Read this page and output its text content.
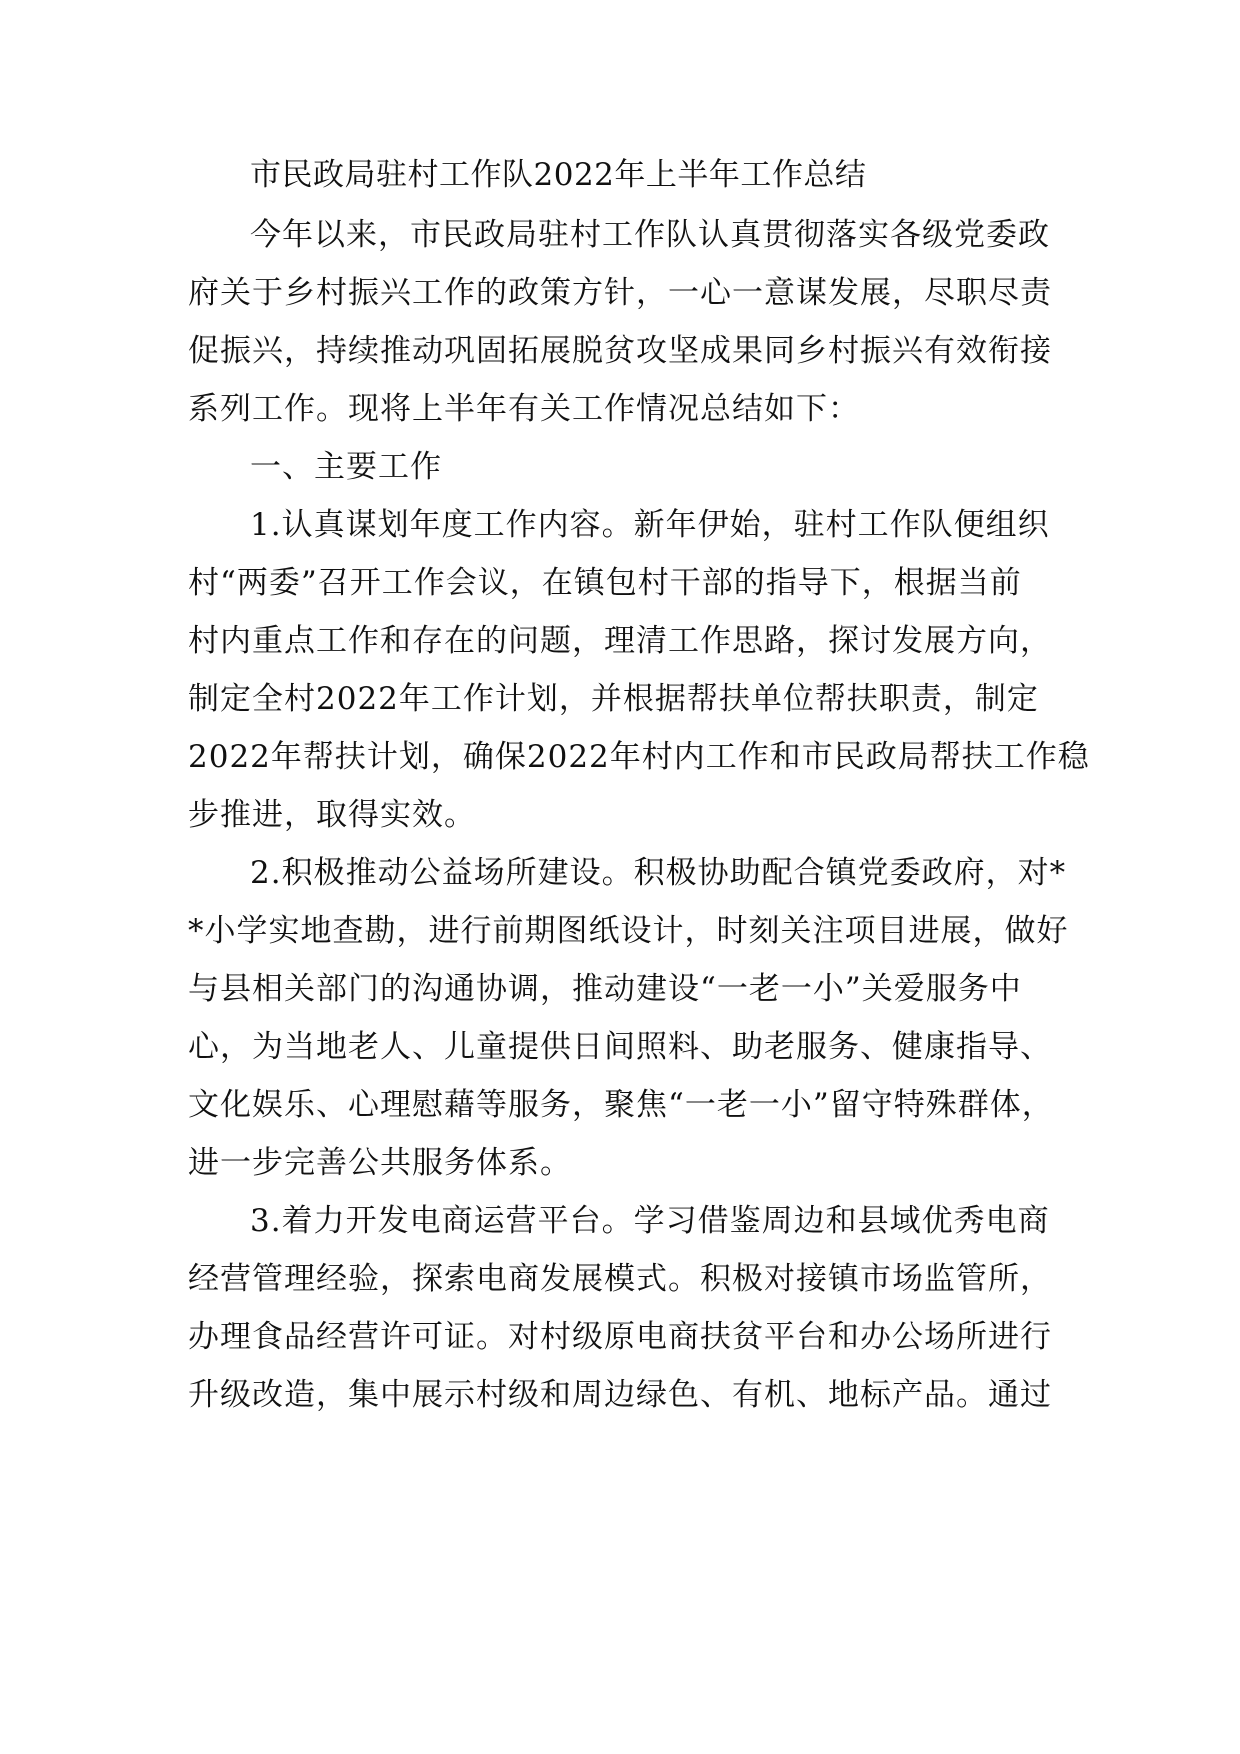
市民政局驻村工作队2022年上半年工作总结
今年以来，市民政局驻村工作队认真贯彻落实各级党委政
府关于乡村振兴工作的政策方针，一心一意谋发展，尽职尽责
促振兴，持续推动巩固拓展脱贫攻坚成果同乡村振兴有效衔接
系列工作。现将上半年有关工作情况总结如下：
一、主要工作
1.认真谋划年度工作内容。新年伊始，驻村工作队便组织
村“两委”召开工作会议，在镇包村干部的指导下，根据当前
村内重点工作和存在的问题，理清工作思路，探讨发展方向，
制定全村2022年工作计划，并根据帮扶单位帮扶职责，制定
2022年帮扶计划，确保2022年村内工作和市民政局帮扶工作稳
步推进，取得实效。
2.积极推动公益场所建设。积极协助配合镇党委政府，对*
*小学实地查勘，进行前期图纸设计，时刻关注项目进展，做好
与县相关部门的沟通协调，推动建设“一老一小”关爱服务中
心，为当地老人、儿童提供日间照料、助老服务、健康指导、
文化娱乐、心理慰藉等服务，聚焦“一老一小”留守特殊群体，
进一步完善公共服务体系。
3.着力开发电商运营平台。学习借鉴周边和县域优秀电商
经营管理经验，探索电商发展模式。积极对接镇市场监管所，
办理食品经营许可证。对村级原电商扶贫平台和办公场所进行
升级改造，集中展示村级和周边绿色、有机、地标产品。通过
